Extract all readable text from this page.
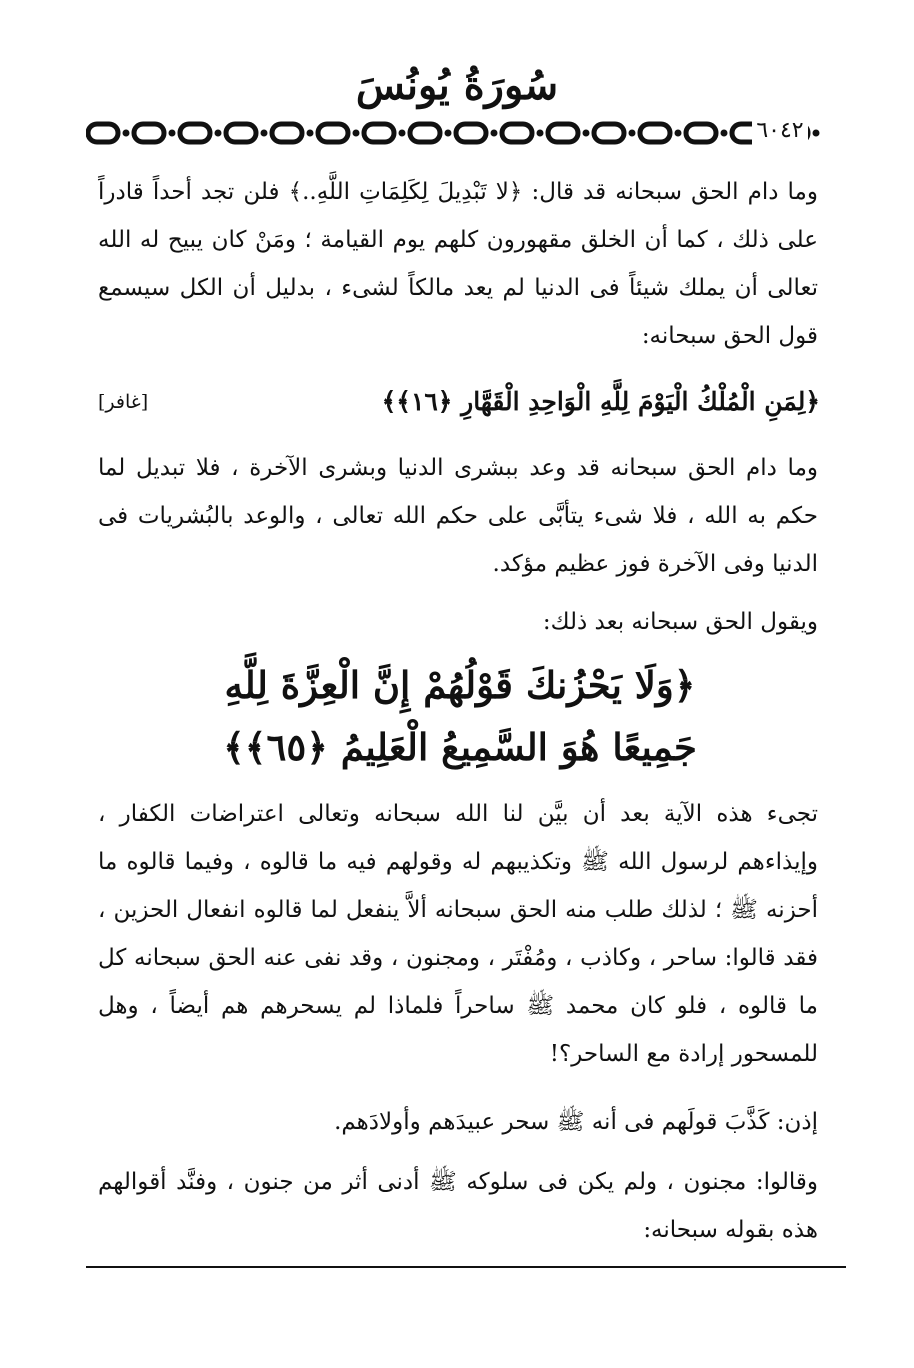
سُورَةُ يُونُسَ
٦٠٤٢

وما دام الحق سبحانه قد قال: ﴿لا تَبْدِيلَ لِكَلِمَاتِ اللَّهِ..﴾ فلن تجد أحداً قادراً على ذلك ، كما أن الخلق مقهورون كلهم يوم القيامة ؛ ومَنْ كان يبيح له الله تعالى أن يملك شيئاً فى الدنيا لم يعد مالكاً لشىء ، بدليل أن الكل سيسمع قول الحق سبحانه:

﴿لِمَنِ الْمُلْكُ الْيَوْمَ لِلَّهِ الْوَاحِدِ الْقَهَّارِ ﴿١٦﴾﴾
[غافر]

وما دام الحق سبحانه قد وعد ببشرى الدنيا وبشرى الآخرة ، فلا تبديل لما حكم به الله ، فلا شىء يتأبَّى على حكم الله تعالى ، والوعد بالبُشريات فى الدنيا وفى الآخرة فوز عظيم مؤكد.

ويقول الحق سبحانه بعد ذلك:

﴿وَلَا يَحْزُنكَ قَوْلُهُمْ إِنَّ الْعِزَّةَ لِلَّهِ
جَمِيعًا هُوَ السَّمِيعُ الْعَلِيمُ ﴿٦٥﴾﴾

تجىء هذه الآية بعد أن بيَّن لنا الله سبحانه وتعالى اعتراضات الكفار ، وإيذاءهم لرسول الله ﷺ وتكذيبهم له وقولهم فيه ما قالوه ، وفيما قالوه ما أحزنه ﷺ ؛ لذلك طلب منه الحق سبحانه ألاَّ ينفعل لما قالوه انفعال الحزين ، فقد قالوا: ساحر ، وكاذب ، ومُفْتَر ، ومجنون ، وقد نفى عنه الحق سبحانه كل ما قالوه ، فلو كان محمد ﷺ ساحراً فلماذا لم يسحرهم هم أيضاً ، وهل للمسحور إرادة مع الساحر؟!

إذن: كَذَّبَ قولَهم فى أنه ﷺ سحر عبيدَهم وأولادَهم.

وقالوا: مجنون ، ولم يكن فى سلوكه ﷺ أدنى أثر من جنون ، وفنَّد أقوالهم هذه بقوله سبحانه:
